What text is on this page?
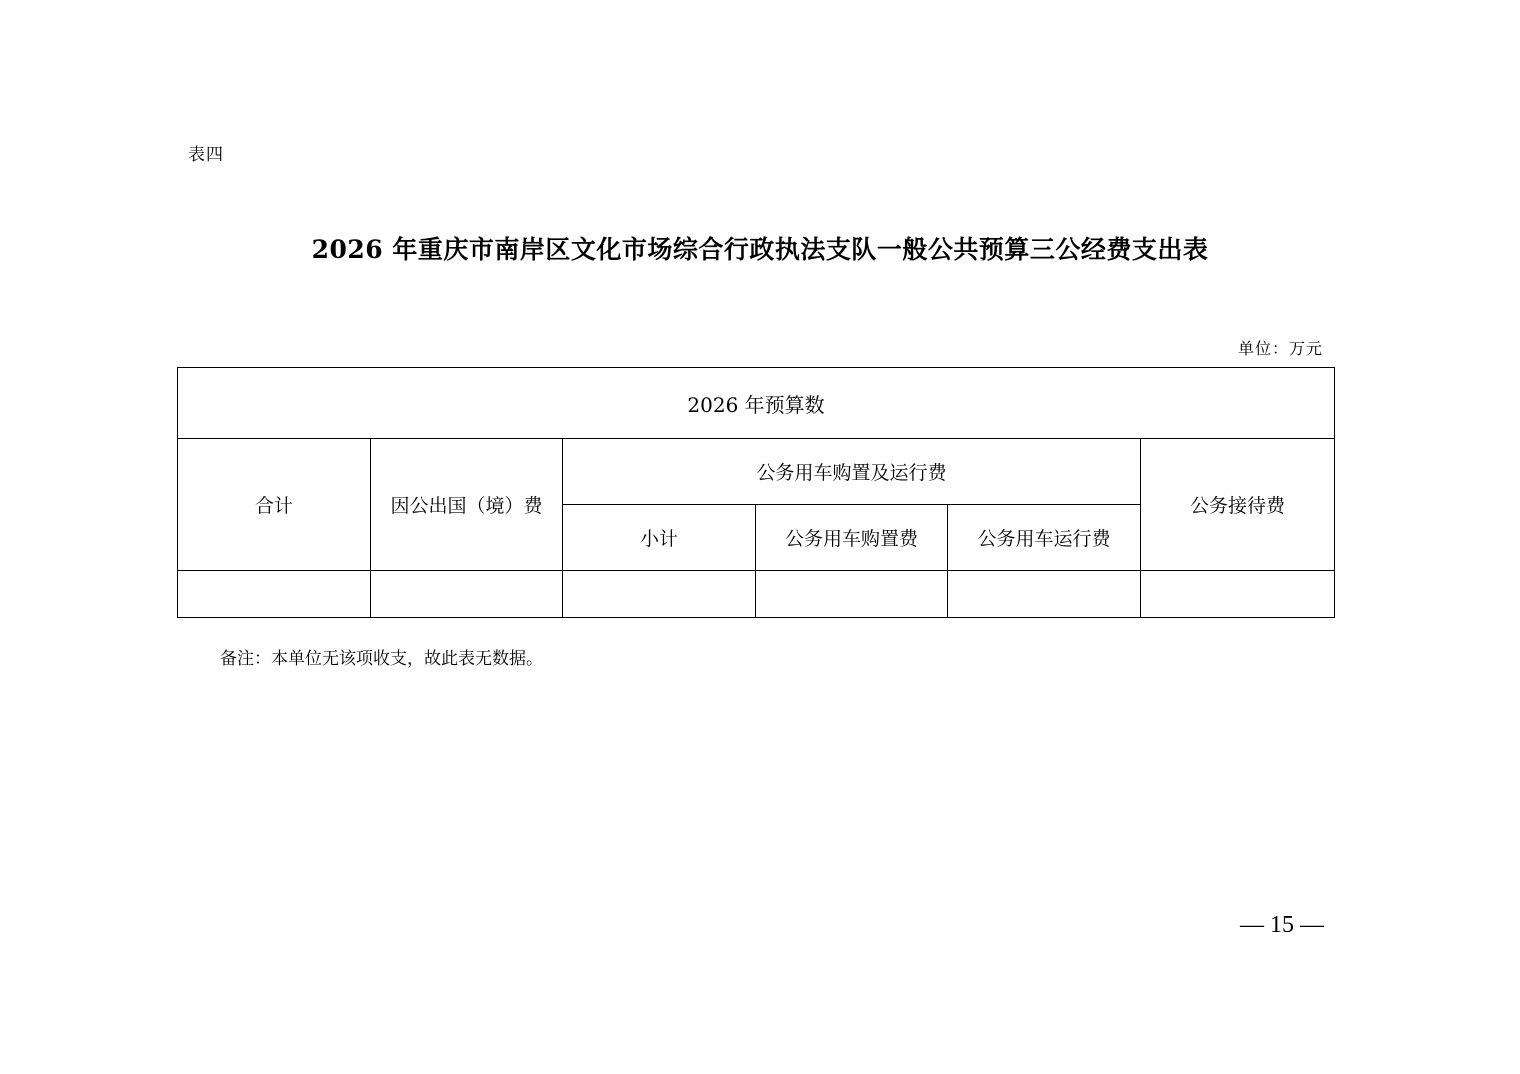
表四
2026 年重庆市南岸区文化市场综合行政执法支队一般公共预算三公经费支出表
单位：万元
2026 年预算数					
合计	因公出国（境）费	公务用车购置及运行费			公务接待费
		小计	公务用车购置费	公务用车运行费	

备注：本单位无该项收支，故此表无数据。
— 15 —
